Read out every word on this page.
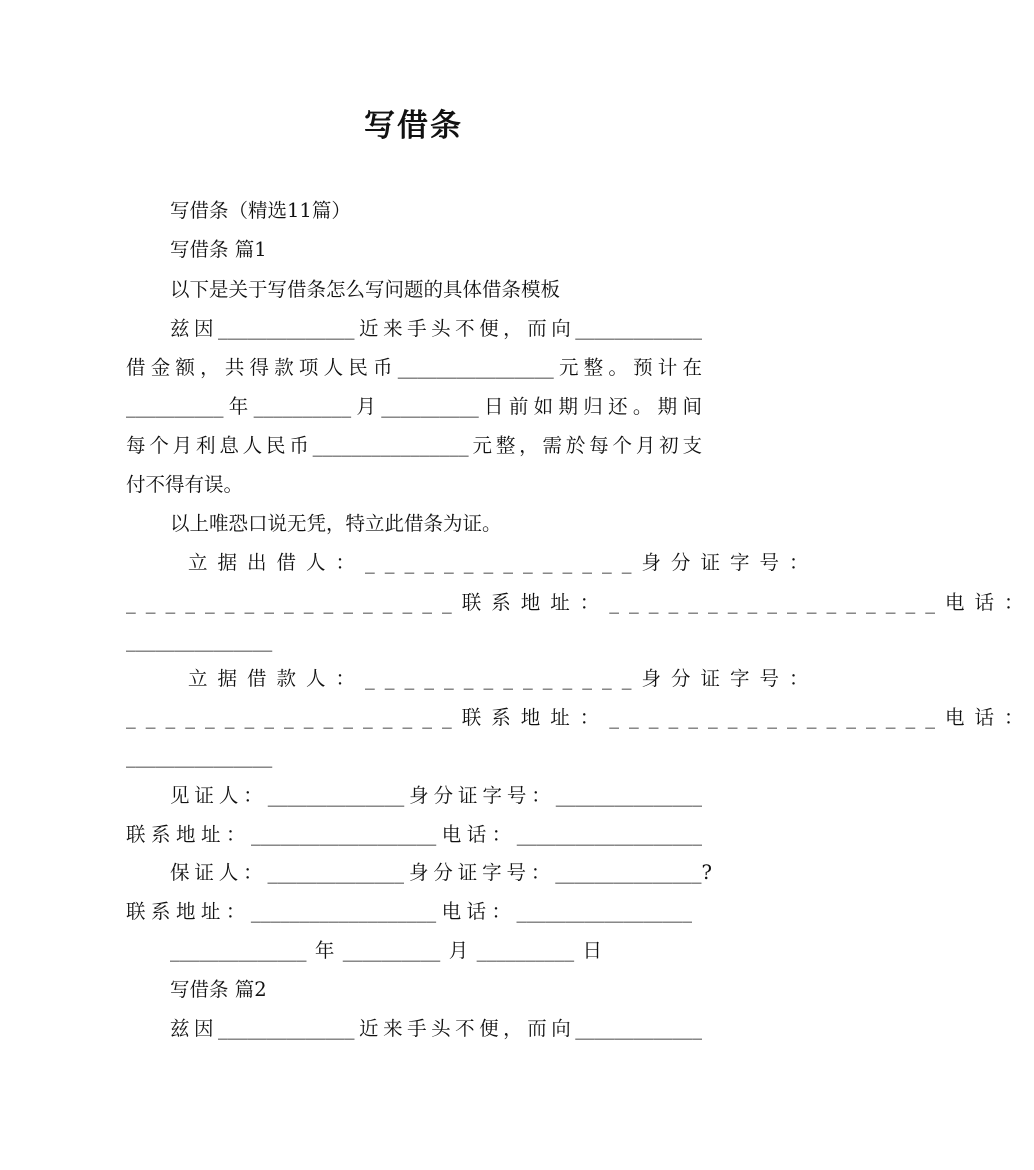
写借条
写借条（精选11篇）
写借条 篇1
以下是关于写借条怎么写问题的具体借条模板
兹因______________近来手头不便，而向_____________
借金额，共得款项人民币________________元整。预计在
__________年__________月__________日前如期归还。期间
每个月利息人民币________________元整，需於每个月初支
付不得有误。
以上唯恐口说无凭，特立此借条为证。
立据出借人：______________身分证字号：
_________________联系地址：_________________电话：
_______________
立据借款人：______________身分证字号：
_________________联系地址：_________________电话：
_______________
见证人：______________身分证字号：_______________
联系地址：___________________电话：___________________
保证人：______________身分证字号：_______________?
联系地址：___________________电话：__________________
______________年__________月__________日
写借条 篇2
兹因______________近来手头不便，而向_____________
